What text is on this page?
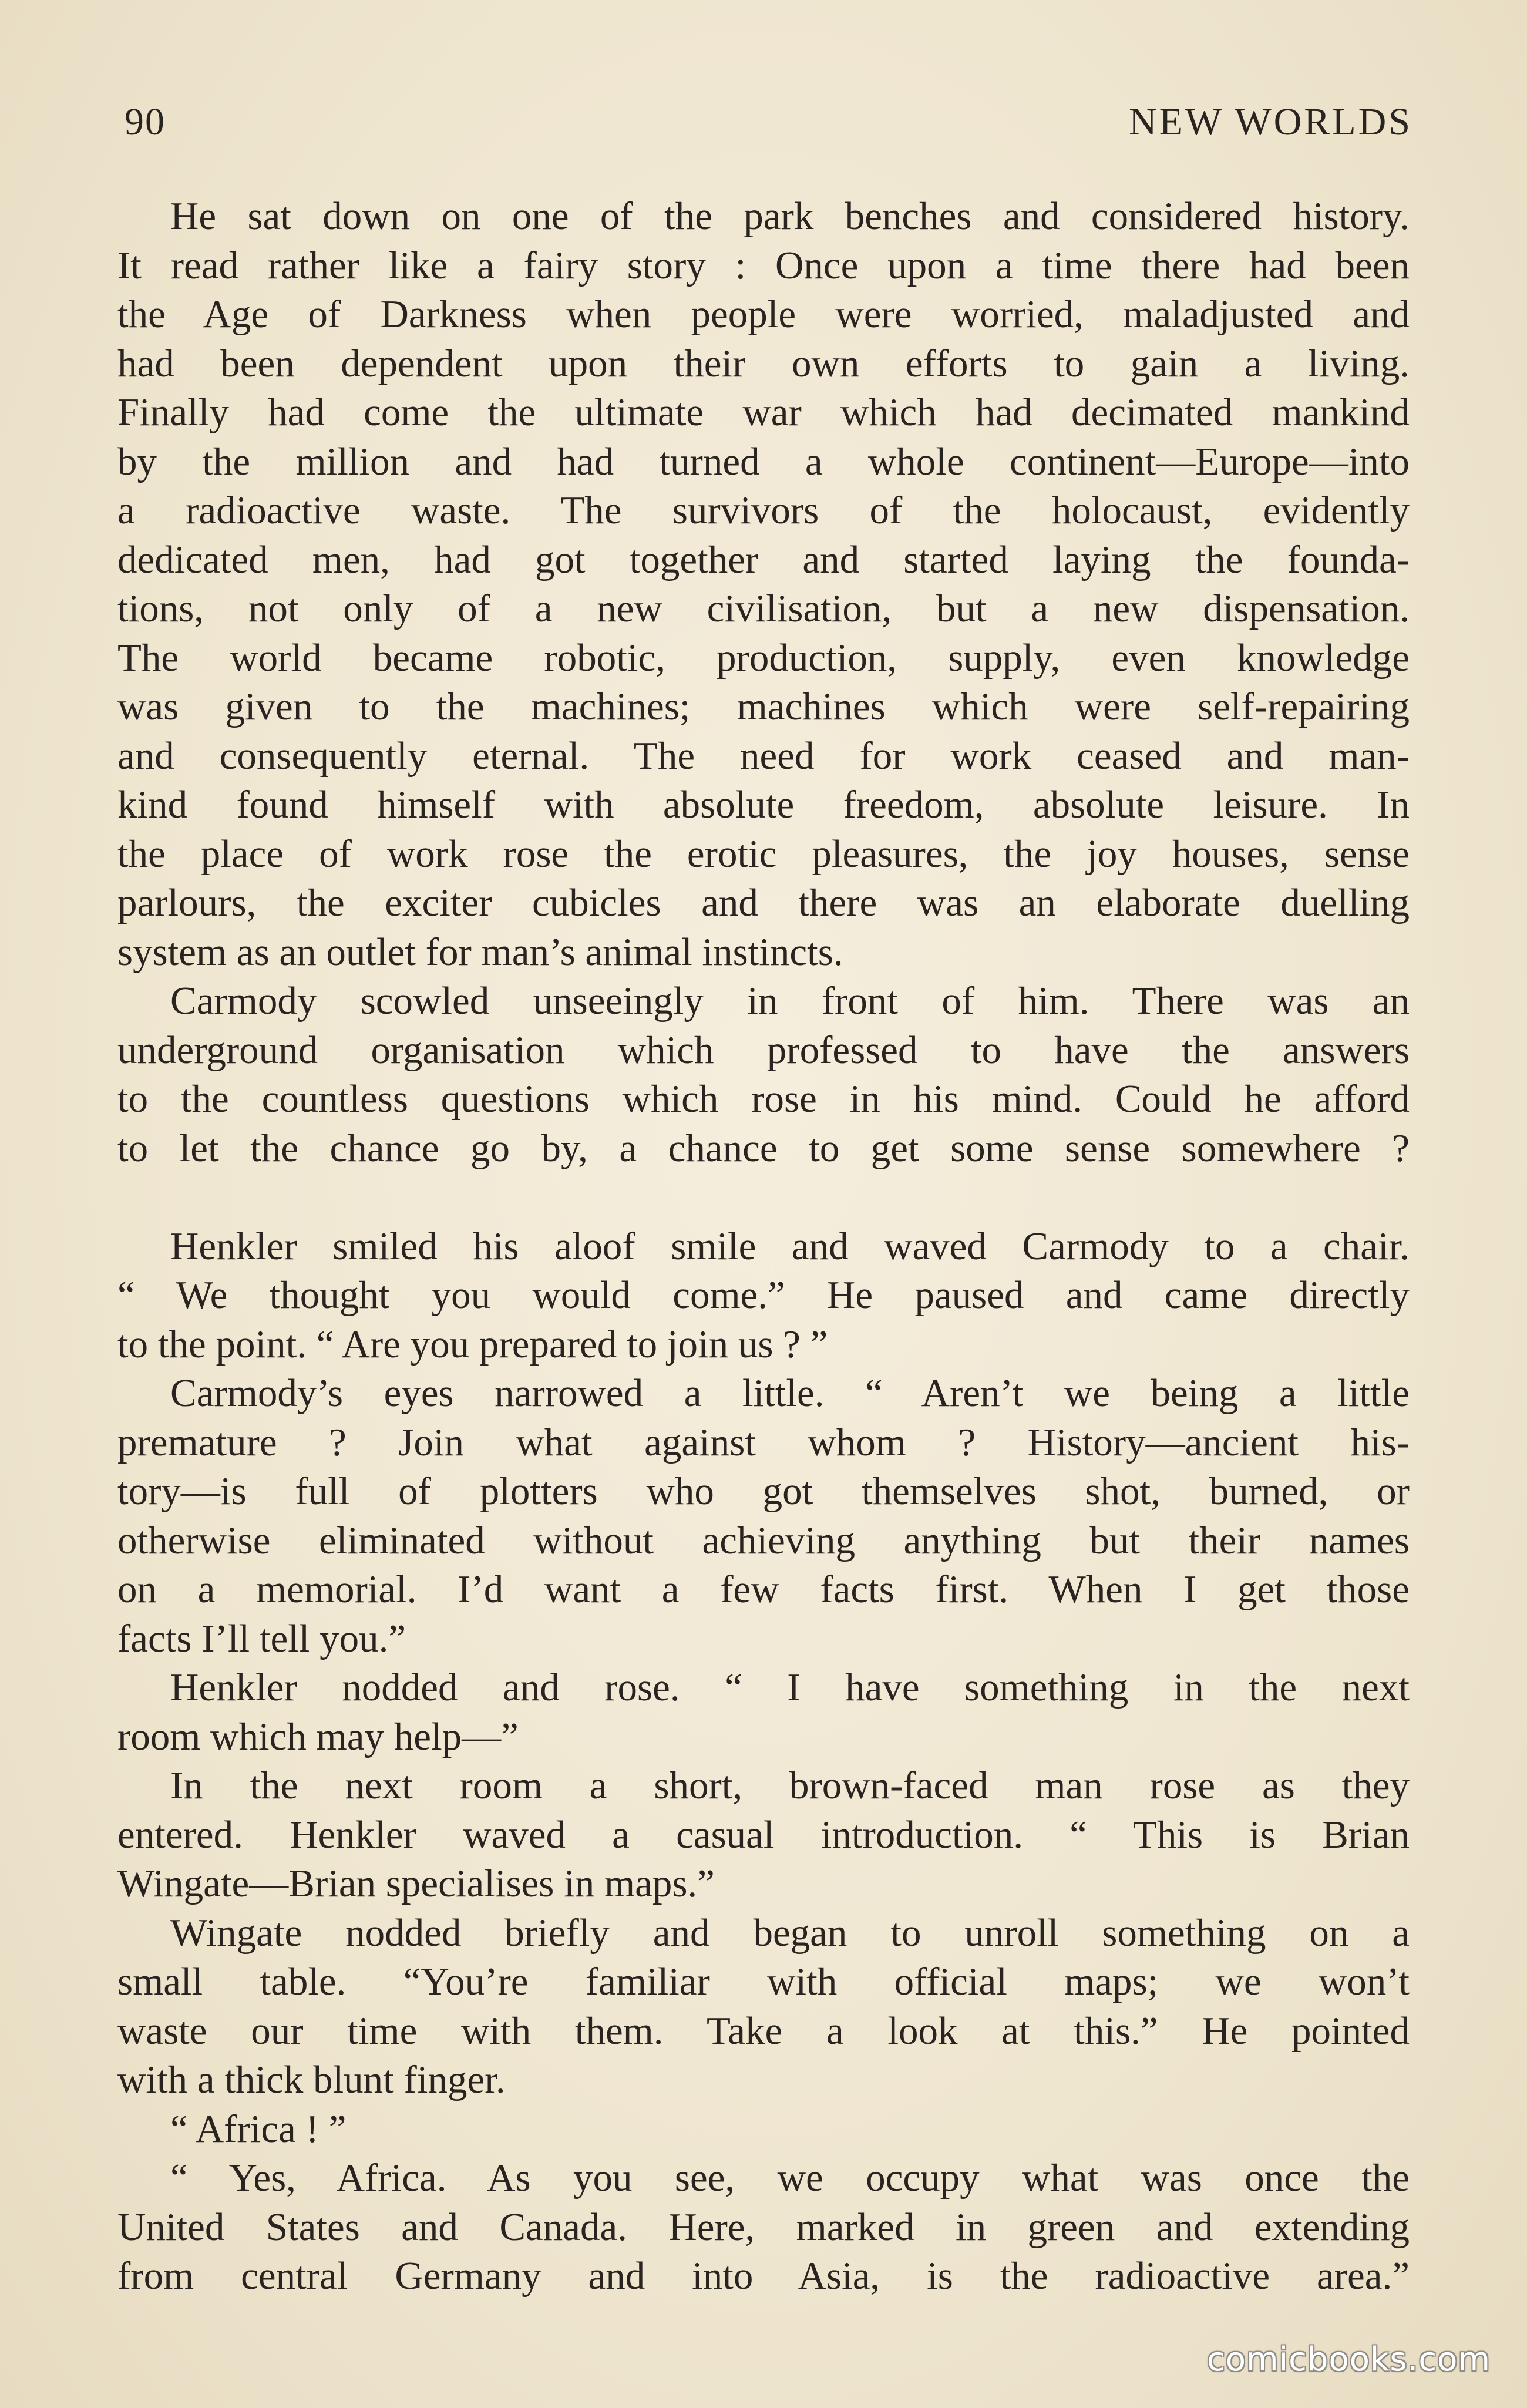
90	NEW WORLDS
He sat down on one of the park benches and considered history.
It read rather like a fairy story : Once upon a time there had been
the Age of Darkness when people were worried, maladjusted and
had been dependent upon their own efforts to gain a living.
Finally had come the ultimate war which had decimated mankind
by the million and had turned a whole continent—Europe—into
a radioactive waste. The survivors of the holocaust, evidently
dedicated men, had got together and started laying the founda-
tions, not only of a new civilisation, but a new dispensation.
The world became robotic, production, supply, even knowledge
was given to the machines; machines which were self-repairing
and consequently eternal. The need for work ceased and man-
kind found himself with absolute freedom, absolute leisure. In
the place of work rose the erotic pleasures, the joy houses, sense
parlours, the exciter cubicles and there was an elaborate duelling
system as an outlet for man’s animal instincts.
Carmody scowled unseeingly in front of him. There was an
underground organisation which professed to have the answers
to the countless questions which rose in his mind. Could he afford
to let the chance go by, a chance to get some sense somewhere ?
Henkler smiled his aloof smile and waved Carmody to a chair.
“ We thought you would come.” He paused and came directly
to the point. “ Are you prepared to join us ? ”
Carmody’s eyes narrowed a little. “ Aren’t we being a little
premature ? Join what against whom ? History—ancient his-
tory—is full of plotters who got themselves shot, burned, or
otherwise eliminated without achieving anything but their names
on a memorial. I’d want a few facts first. When I get those
facts I’ll tell you.”
Henkler nodded and rose. “ I have something in the next
room which may help—”
In the next room a short, brown-faced man rose as they
entered. Henkler waved a casual introduction. “ This is Brian
Wingate—Brian specialises in maps.”
Wingate nodded briefly and began to unroll something on a
small table. “You’re familiar with official maps; we won’t
waste our time with them. Take a look at this.” He pointed
with a thick blunt finger.
“ Africa ! ”
“ Yes, Africa. As you see, we occupy what was once the
United States and Canada. Here, marked in green and extending
from central Germany and into Asia, is the radioactive area.”
comicbooks.com
